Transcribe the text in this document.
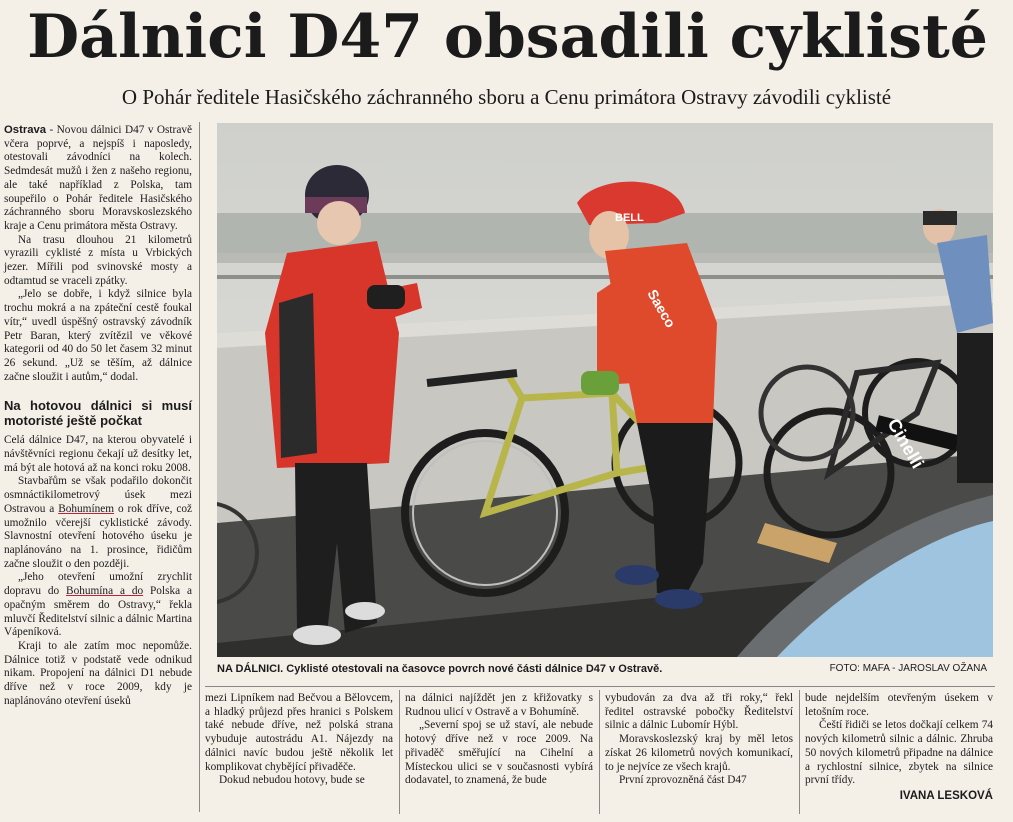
Dálnici D47 obsadili cyklisté
O Pohár ředitele Hasičského záchranného sboru a Cenu primátora Ostravy závodili cyklisté

Ostrava - Novou dálnici D47 v Ostravě včera poprvé, a nejspíš i naposledy, otestovali závodníci na kolech. Sedmdesát mužů i žen z našeho regionu, ale také například z Polska, tam soupeřilo o Pohár ředitele Hasičského záchranného sboru Moravskoslezského kraje a Cenu primátora města Ostravy.

Na trasu dlouhou 21 kilometrů vyrazili cyklisté z místa u Vrbických jezer. Mířili pod svinovské mosty a odtamtud se vraceli zpátky.

„Jelo se dobře, i když silnice byla trochu mokrá a na zpáteční cestě foukal vítr,“ uvedl úspěšný ostravský závodník Petr Baran, který zvítězil ve věkové kategorii od 40 do 50 let časem 32 minut 26 sekund. „Už se těším, až dálnice začne sloužit i autům,“ dodal.

Na hotovou dálnici si musí motoristé ještě počkat

Celá dálnice D47, na kterou obyvatelé i návštěvníci regionu čekají už desítky let, má být ale hotová až na konci roku 2008.

Stavbařům se však podařilo dokončit osmnáctikilometrový úsek mezi Ostravou a Bohumínem o rok dříve, což umožnilo včerejší cyklistické závody. Slavnostní otevření hotového úseku je naplánováno na 1. prosince, řidičům začne sloužit o den později.

„Jeho otevření umožní zrychlit dopravu do Bohumína a do Polska a opačným směrem do Ostravy,“ řekla mluvčí Ředitelství silnic a dálnic Martina Vápeníková.

Kraji to ale zatím moc nepomůže. Dálnice totiž v podstatě vede odnikud nikam. Propojení na dálnici D1 nebude dříve než v roce 2009, kdy je naplánováno otevření úseků

BELL
Saeco
Cinelli
NA DÁLNICI. Cyklisté otestovali na časovce povrch nové části dálnice D47 v Ostravě.	FOTO: MAFA - JAROSLAV OŽANA

mezi Lipníkem nad Bečvou a Bělovcem, a hladký průjezd přes hranici s Polskem také nebude dříve, než polská strana vybuduje autostrádu A1. Nájezdy na dálnici navíc budou ještě několik let komplikovat chybějící přivaděče.

Dokud nebudou hotovy, bude se

na dálnici najíždět jen z křižovatky s Rudnou ulicí v Ostravě a v Bohumíně.

„Severní spoj se už staví, ale nebude hotový dříve než v roce 2009. Na přivaděč směřující na Cihelní a Místeckou ulici se v současnosti vybírá dodavatel, to znamená, že bude

vybudován za dva až tři roky,“ řekl ředitel ostravské pobočky Ředitelství silnic a dálnic Lubomír Hýbl.

Moravskoslezský kraj by měl letos získat 26 kilometrů nových komunikací, to je nejvíce ze všech krajů.

První zprovozněná část D47

bude nejdelším otevřeným úsekem v letošním roce.

Čeští řidiči se letos dočkají celkem 74 nových kilometrů silnic a dálnic. Zhruba 50 nových kilometrů připadne na dálnice a rychlostní silnice, zbytek na silnice první třídy.

IVANA LESKOVÁ
